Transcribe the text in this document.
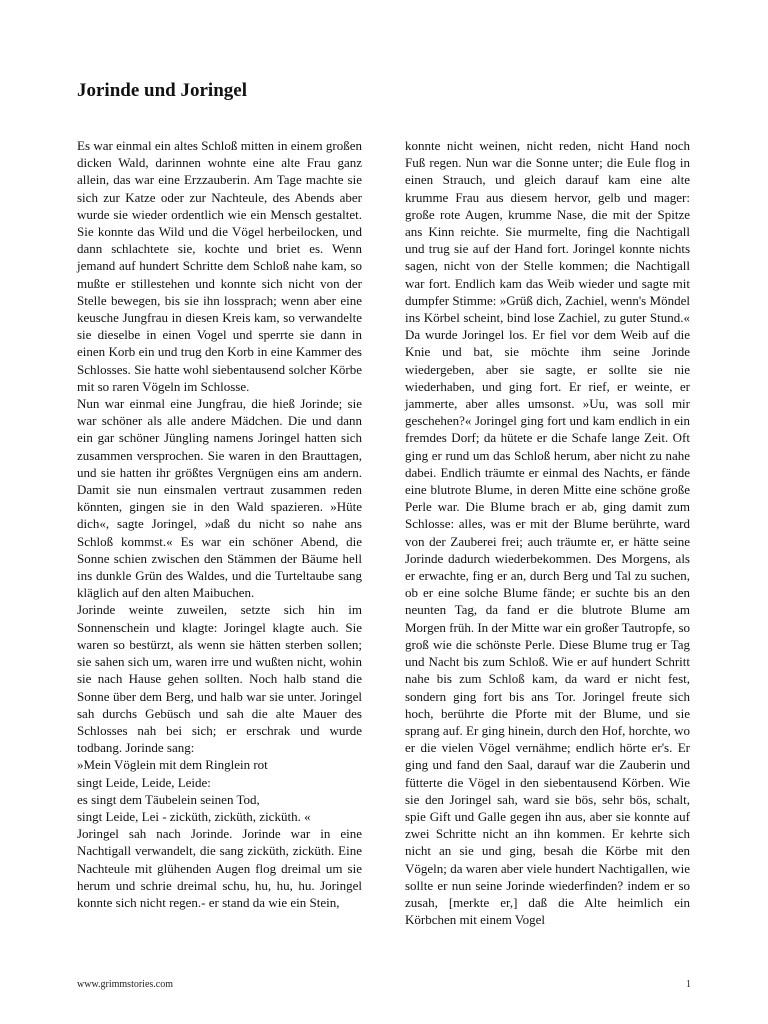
Jorinde und Joringel

Es war einmal ein altes Schloß mitten in einem großen dicken Wald, darinnen wohnte eine alte Frau ganz allein, das war eine Erzzauberin. Am Tage machte sie sich zur Katze oder zur Nachteule, des Abends aber wurde sie wieder ordentlich wie ein Mensch gestaltet. Sie konnte das Wild und die Vögel herbeilocken, und dann schlachtete sie, kochte und briet es. Wenn jemand auf hundert Schritte dem Schloß nahe kam, so mußte er stillestehen und konnte sich nicht von der Stelle bewegen, bis sie ihn lossprach; wenn aber eine keusche Jungfrau in diesen Kreis kam, so verwandelte sie dieselbe in einen Vogel und sperrte sie dann in einen Korb ein und trug den Korb in eine Kammer des Schlosses. Sie hatte wohl siebentausend solcher Körbe mit so raren Vögeln im Schlosse.

Nun war einmal eine Jungfrau, die hieß Jorinde; sie war schöner als alle andere Mädchen. Die und dann ein gar schöner Jüngling namens Joringel hatten sich zusammen versprochen. Sie waren in den Brauttagen, und sie hatten ihr größtes Vergnügen eins am andern. Damit sie nun einsmalen vertraut zusammen reden könnten, gingen sie in den Wald spazieren. »Hüte dich«, sagte Joringel, »daß du nicht so nahe ans Schloß kommst.« Es war ein schöner Abend, die Sonne schien zwischen den Stämmen der Bäume hell ins dunkle Grün des Waldes, und die Turteltaube sang kläglich auf den alten Maibuchen.

Jorinde weinte zuweilen, setzte sich hin im Sonnenschein und klagte: Joringel klagte auch. Sie waren so bestürzt, als wenn sie hätten sterben sollen; sie sahen sich um, waren irre und wußten nicht, wohin sie nach Hause gehen sollten. Noch halb stand die Sonne über dem Berg, und halb war sie unter. Joringel sah durchs Gebüsch und sah die alte Mauer des Schlosses nah bei sich; er erschrak und wurde todbang. Jorinde sang:

»Mein Vöglein mit dem Ringlein rot
singt Leide, Leide, Leide:
es singt dem Täubelein seinen Tod,
singt Leide, Lei - zicküth, zicküth, zicküth. «

Joringel sah nach Jorinde. Jorinde war in eine Nachtigall verwandelt, die sang zicküth, zicküth. Eine Nachteule mit glühenden Augen flog dreimal um sie herum und schrie dreimal schu, hu, hu, hu. Joringel konnte sich nicht regen.- er stand da wie ein Stein,

konnte nicht weinen, nicht reden, nicht Hand noch Fuß regen. Nun war die Sonne unter; die Eule flog in einen Strauch, und gleich darauf kam eine alte krumme Frau aus diesem hervor, gelb und mager: große rote Augen, krumme Nase, die mit der Spitze ans Kinn reichte. Sie murmelte, fing die Nachtigall und trug sie auf der Hand fort. Joringel konnte nichts sagen, nicht von der Stelle kommen; die Nachtigall war fort. Endlich kam das Weib wieder und sagte mit dumpfer Stimme: »Grüß dich, Zachiel, wenn's Möndel ins Körbel scheint, bind lose Zachiel, zu guter Stund.« Da wurde Joringel los. Er fiel vor dem Weib auf die Knie und bat, sie möchte ihm seine Jorinde wiedergeben, aber sie sagte, er sollte sie nie wiederhaben, und ging fort. Er rief, er weinte, er jammerte, aber alles umsonst. »Uu, was soll mir geschehen?« Joringel ging fort und kam endlich in ein fremdes Dorf; da hütete er die Schafe lange Zeit. Oft ging er rund um das Schloß herum, aber nicht zu nahe dabei. Endlich träumte er einmal des Nachts, er fände eine blutrote Blume, in deren Mitte eine schöne große Perle war. Die Blume brach er ab, ging damit zum Schlosse: alles, was er mit der Blume berührte, ward von der Zauberei frei; auch träumte er, er hätte seine Jorinde dadurch wiederbekommen. Des Morgens, als er erwachte, fing er an, durch Berg und Tal zu suchen, ob er eine solche Blume fände; er suchte bis an den neunten Tag, da fand er die blutrote Blume am Morgen früh. In der Mitte war ein großer Tautropfe, so groß wie die schönste Perle. Diese Blume trug er Tag und Nacht bis zum Schloß. Wie er auf hundert Schritt nahe bis zum Schloß kam, da ward er nicht fest, sondern ging fort bis ans Tor. Joringel freute sich hoch, berührte die Pforte mit der Blume, und sie sprang auf. Er ging hinein, durch den Hof, horchte, wo er die vielen Vögel vernähme; endlich hörte er's. Er ging und fand den Saal, darauf war die Zauberin und fütterte die Vögel in den siebentausend Körben. Wie sie den Joringel sah, ward sie bös, sehr bös, schalt, spie Gift und Galle gegen ihn aus, aber sie konnte auf zwei Schritte nicht an ihn kommen. Er kehrte sich nicht an sie und ging, besah die Körbe mit den Vögeln; da waren aber viele hundert Nachtigallen, wie sollte er nun seine Jorinde wiederfinden? indem er so zusah, [merkte er,] daß die Alte heimlich ein Körbchen mit einem Vogel

www.grimmstories.com	1
